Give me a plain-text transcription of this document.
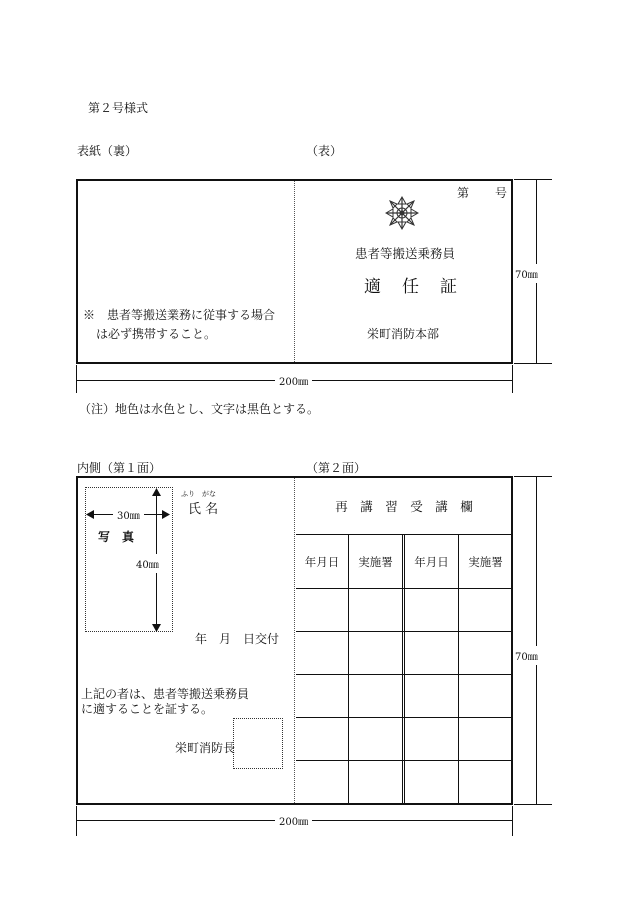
第２号様式
表紙（裏）	（表）
第 号
患者等搬送乗務員
適　任　証
栄町消防本部
※　患者等搬送業務に従事する場合
は必ず携帯すること。
200㎜
70㎜
（注）地色は水色とし、文字は黒色とする。
内側（第１面）	（第２面）
ふり　がな
氏 名
30㎜
40㎜
写　真
年　月　日交付
上記の者は、患者等搬送乗務員
に適することを証する。
栄町消防長
再　講　習　受　講　欄
年月日	実施署	年月日	実施署
200㎜
70㎜
